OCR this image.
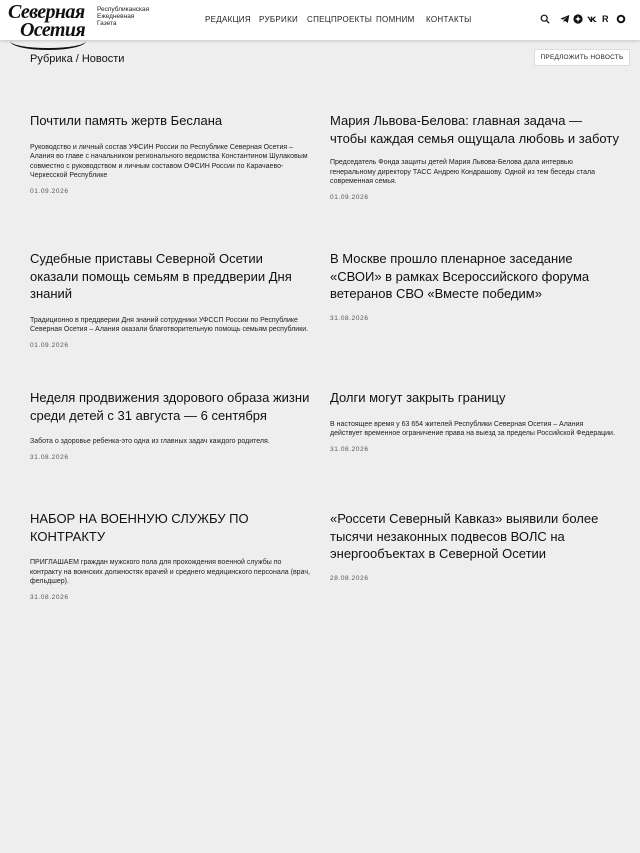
Северная
Осетия
Республиканская
Ежедневная
Газета	РЕДАКЦИЯ РУБРИКИ СПЕЦПРОЕКТЫ ПОМНИМ КОНТАКТЫ	R
Рубрика / Новости	ПРЕДЛОЖИТЬ НОВОСТЬ
Почтили память жертв Беслана

Руководство и личный состав УФСИН России по Республике Северная Осетия – Алания во главе с начальником регионального ведомства Константином Шулаковым совместно с руководством и личным составом ОФСИН России по Карачаево-Черкесской Республике

01.09.2026
Мария Львова-Белова: главная задача — чтобы каждая семья ощущала любовь и заботу

Председатель Фонда защиты детей Мария Львова-Белова дала интервью генеральному директору ТАСС Андрею Кондрашову. Одной из тем беседы стала современная семья.

01.09.2026
Судебные приставы Северной Осетии оказали помощь семьям в преддверии Дня знаний

Традиционно в преддверии Дня знаний сотрудники УФССП России по Республике Северная Осетия – Алания оказали благотворительную помощь семьям республики.

01.09.2026
В Москве прошло пленарное заседание «СВОИ» в рамках Всероссийского форума ветеранов СВО «Вместе победим»
31.08.2026
Неделя продвижения здорового образа жизни среди детей с 31 августа — 6 сентября

Забота о здоровье ребенка-это одна из главных задач каждого родителя.

31.08.2026
Долги могут закрыть границу

В настоящее время у 63 654 жителей Республики Северная Осетия – Алания действует временное ограничение права на выезд за пределы Российской Федерации.

31.08.2026
НАБОР НА ВОЕННУЮ СЛУЖБУ ПО КОНТРАКТУ

ПРИГЛАШАЕМ граждан мужского пола для прохождения военной службы по контракту на воинских должностях врачей и среднего медицинского персонала (врач, фельдшер).

31.08.2026
«Россети Северный Кавказ» выявили более тысячи незаконных подвесов ВОЛС на энергообъектах в Северной Осетии
28.08.2026
